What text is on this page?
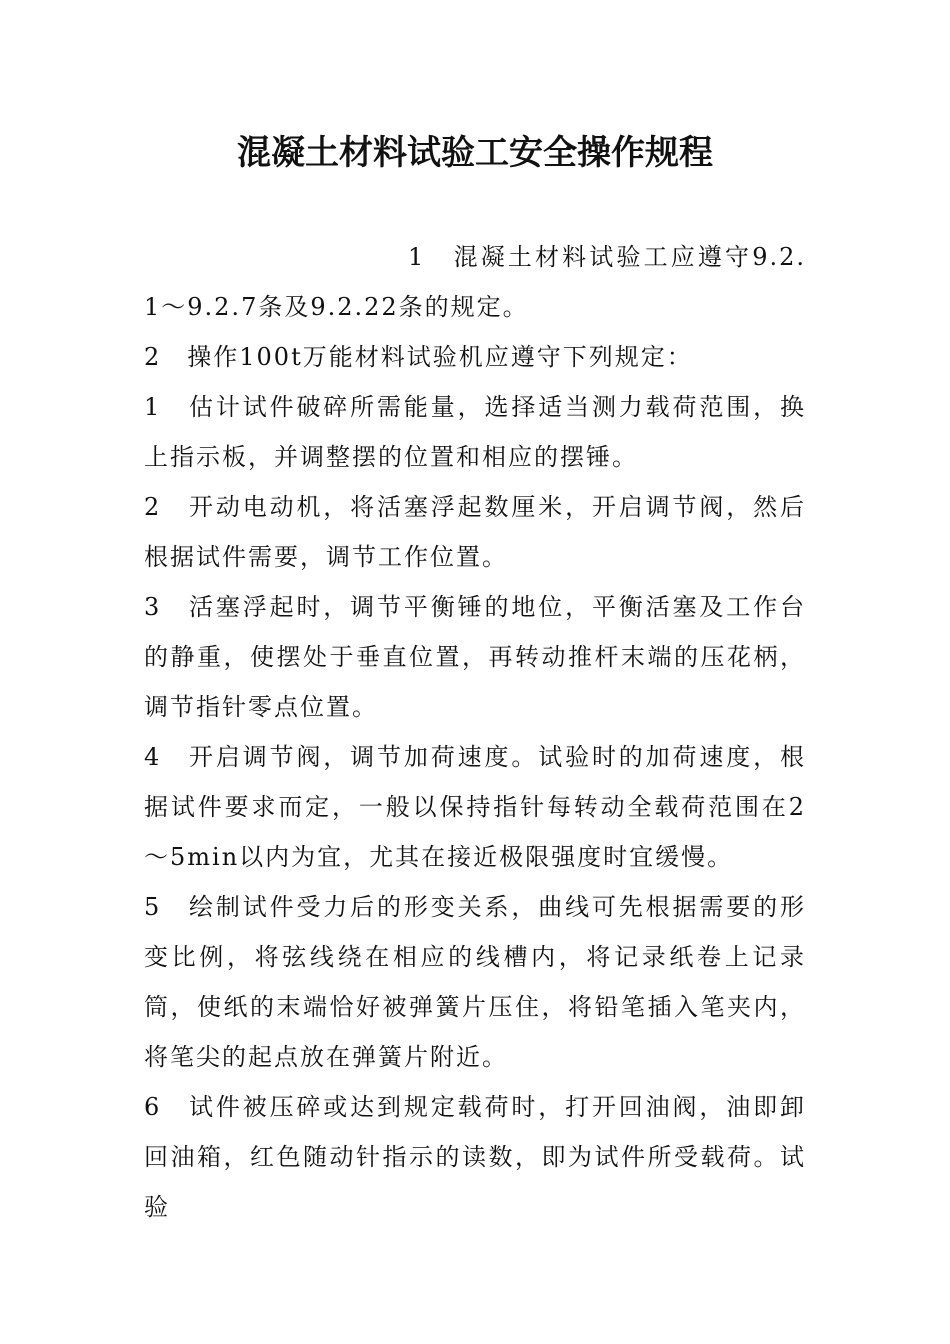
混凝土材料试验工安全操作规程

1　混凝土材料试验工应遵守9.2.1～9.2.7条及9.2.22条的规定。

2　操作100t万能材料试验机应遵守下列规定：

1　估计试件破碎所需能量，选择适当测力载荷范围，换上指示板，并调整摆的位置和相应的摆锤。

2　开动电动机，将活塞浮起数厘米，开启调节阀，然后根据试件需要，调节工作位置。

3　活塞浮起时，调节平衡锤的地位，平衡活塞及工作台的静重，使摆处于垂直位置，再转动推杆末端的压花柄，调节指针零点位置。

4　开启调节阀，调节加荷速度。试验时的加荷速度，根据试件要求而定，一般以保持指针每转动全载荷范围在2～5min以内为宜，尤其在接近极限强度时宜缓慢。

5　绘制试件受力后的形变关系，曲线可先根据需要的形变比例，将弦线绕在相应的线槽内，将记录纸卷上记录筒，使纸的末端恰好被弹簧片压住，将铅笔插入笔夹内，将笔尖的起点放在弹簧片附近。

6　试件被压碎或达到规定载荷时，打开回油阀，油即卸回油箱，红色随动针指示的读数，即为试件所受载荷。试验
